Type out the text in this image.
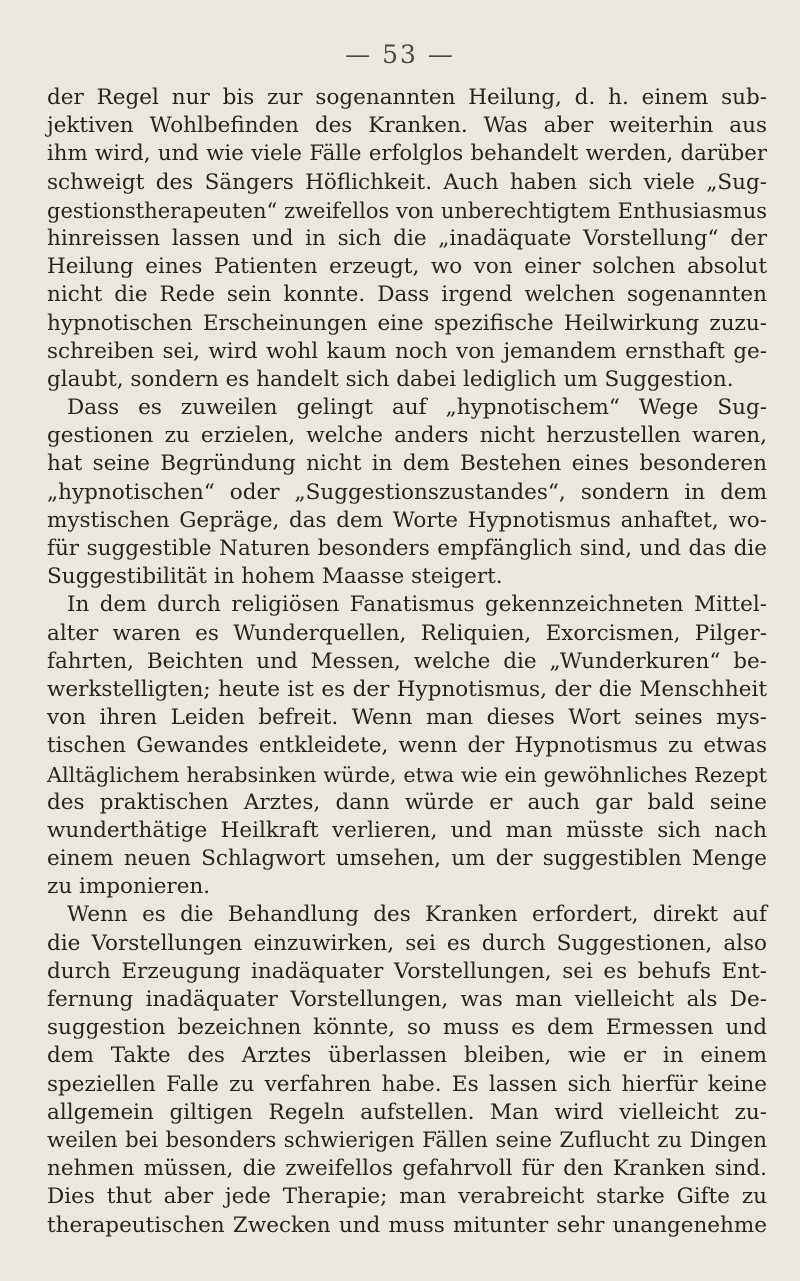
— 53 —
der Regel nur bis zur sogenannten Heilung, d. h. einem sub-
jektiven Wohlbefinden des Kranken. Was aber weiterhin aus
ihm wird, und wie viele Fälle erfolglos behandelt werden, darüber
schweigt des Sängers Höflichkeit. Auch haben sich viele „Sug-
gestionstherapeuten“ zweifellos von unberechtigtem Enthusiasmus
hinreissen lassen und in sich die „inadäquate Vorstellung“ der
Heilung eines Patienten erzeugt, wo von einer solchen absolut
nicht die Rede sein konnte. Dass irgend welchen sogenannten
hypnotischen Erscheinungen eine spezifische Heilwirkung zuzu-
schreiben sei, wird wohl kaum noch von jemandem ernsthaft ge-
glaubt, sondern es handelt sich dabei lediglich um Suggestion.
Dass es zuweilen gelingt auf „hypnotischem“ Wege Sug-
gestionen zu erzielen, welche anders nicht herzustellen waren,
hat seine Begründung nicht in dem Bestehen eines besonderen
„hypnotischen“ oder „Suggestionszustandes“, sondern in dem
mystischen Gepräge, das dem Worte Hypnotismus anhaftet, wo-
für suggestible Naturen besonders empfänglich sind, und das die
Suggestibilität in hohem Maasse steigert.
In dem durch religiösen Fanatismus gekennzeichneten Mittel-
alter waren es Wunderquellen, Reliquien, Exorcismen, Pilger-
fahrten, Beichten und Messen, welche die „Wunderkuren“ be-
werkstelligten; heute ist es der Hypnotismus, der die Menschheit
von ihren Leiden befreit. Wenn man dieses Wort seines mys-
tischen Gewandes entkleidete, wenn der Hypnotismus zu etwas
Alltäglichem herabsinken würde, etwa wie ein gewöhnliches Rezept
des praktischen Arztes, dann würde er auch gar bald seine
wunderthätige Heilkraft verlieren, und man müsste sich nach
einem neuen Schlagwort umsehen, um der suggestiblen Menge
zu imponieren.
Wenn es die Behandlung des Kranken erfordert, direkt auf
die Vorstellungen einzuwirken, sei es durch Suggestionen, also
durch Erzeugung inadäquater Vorstellungen, sei es behufs Ent-
fernung inadäquater Vorstellungen, was man vielleicht als De-
suggestion bezeichnen könnte, so muss es dem Ermessen und
dem Takte des Arztes überlassen bleiben, wie er in einem
speziellen Falle zu verfahren habe. Es lassen sich hierfür keine
allgemein giltigen Regeln aufstellen. Man wird vielleicht zu-
weilen bei besonders schwierigen Fällen seine Zuflucht zu Dingen
nehmen müssen, die zweifellos gefahrvoll für den Kranken sind.
Dies thut aber jede Therapie; man verabreicht starke Gifte zu
therapeutischen Zwecken und muss mitunter sehr unangenehme
